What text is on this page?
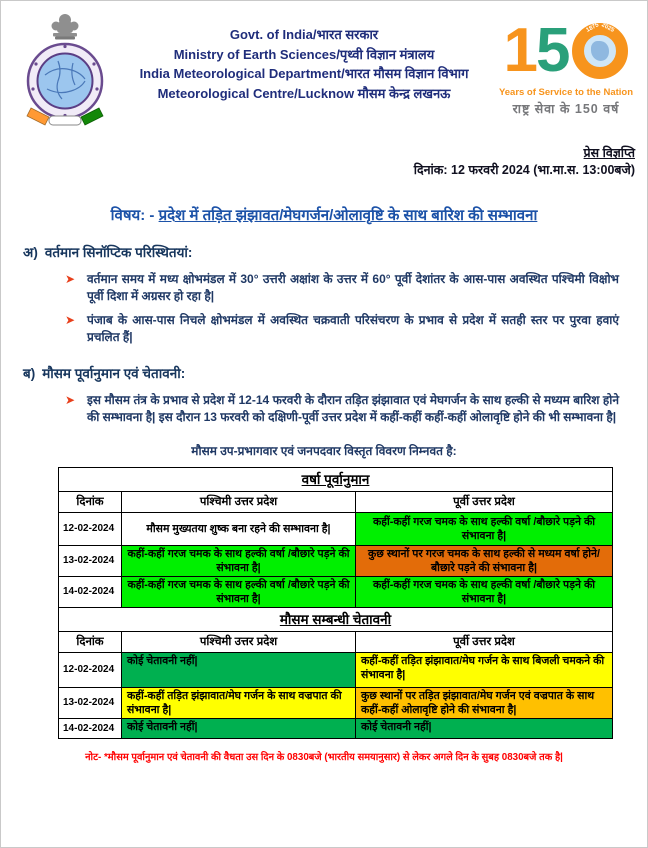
Govt. of India/भारत सरकार
Ministry of Earth Sciences/पृथ्वी विज्ञान मंत्रालय
India Meteorological Department/भारत मौसम विज्ञान विभाग
Meteorological Centre/Lucknow मौसम केन्द्र लखनऊ
1
5	1875 2025
Years of Service to the Nation
राष्ट्र सेवा के 150 वर्ष
प्रेस विज्ञप्ति
दिनांक: 12 फरवरी 2024 (भा.मा.स. 13:00बजे)
विषय: - प्रदेश में तड़ित झंझावत/मेघगर्जन/ओलावृष्टि के साथ बारिश की सम्भावना
अ) वर्तमान सिनॉप्टिक परिस्थितयां:
➤ वर्तमान समय में मध्य क्षोभमंडल में 30° उत्तरी अक्षांश के उत्तर में 60° पूर्वी देशांतर के आस-पास अवस्थित पश्चिमी विक्षोभ पूर्वी दिशा में अग्रसर हो रहा है|
➤ पंजाब के आस-पास निचले क्षोभमंडल में अवस्थित चक्रवाती परिसंचरण के प्रभाव से प्रदेश में सतही स्तर पर पुरवा हवाएं प्रचलित हैं|
ब) मौसम पूर्वानुमान एवं चेतावनी:
➤ इस मौसम तंत्र के प्रभाव से प्रदेश में 12-14 फरवरी के दौरान तड़ित झंझावात एवं मेघगर्जन के साथ हल्की से मध्यम बारिश होने की सम्भावना है| इस दौरान 13 फरवरी को दक्षिणी-पूर्वी उत्तर प्रदेश में कहीं-कहीं कहीं-कहीं ओलावृष्टि होने की भी सम्भावना है|
मौसम उप-प्रभागवार एवं जनपदवार विस्तृत विवरण निम्नवत है:
वर्षा पूर्वानुमान		
दिनांक	पश्चिमी उत्तर प्रदेश	पूर्वी उत्तर प्रदेश
12-02-2024	मौसम मुख्यतया शुष्क बना रहने की सम्भावना है|	कहीं-कहीं गरज चमक के साथ हल्की वर्षा /बौछारे पड़ने की संभावना है|
13-02-2024	कहीं-कहीं गरज चमक के साथ हल्की वर्षा /बौछारे पड़ने की संभावना है|	कुछ स्थानों पर गरज चमक के साथ हल्की से मध्यम वर्षा होने/बौछारे पड़ने की संभावना है|
14-02-2024	कहीं-कहीं गरज चमक के साथ हल्की वर्षा /बौछारे पड़ने की संभावना है|	कहीं-कहीं गरज चमक के साथ हल्की वर्षा /बौछारे पड़ने की संभावना है|
मौसम सम्बन्धी चेतावनी		
दिनांक	पश्चिमी उत्तर प्रदेश	पूर्वी उत्तर प्रदेश
12-02-2024	कोई चेतावनी नहीं|	कहीं-कहीं तड़ित झंझावात/मेघ गर्जन के साथ बिजली चमकने की संभावना है|
13-02-2024	कहीं-कहीं तड़ित झंझावात/मेघ गर्जन के साथ वज्रपात की संभावना है|	कुछ स्थानों पर तड़ित झंझावात/मेघ गर्जन एवं वज्रपात के साथ कहीं-कहीं ओलावृष्टि होने की संभावना है|
14-02-2024	कोई चेतावनी नहीं|	कोई चेतावनी नहीं|
नोट- *मौसम पूर्वानुमान एवं चेतावनी की वैधता उस दिन के 0830बजे (भारतीय समयानुसार) से लेकर अगले दिन के सुबह 0830बजे तक है|
